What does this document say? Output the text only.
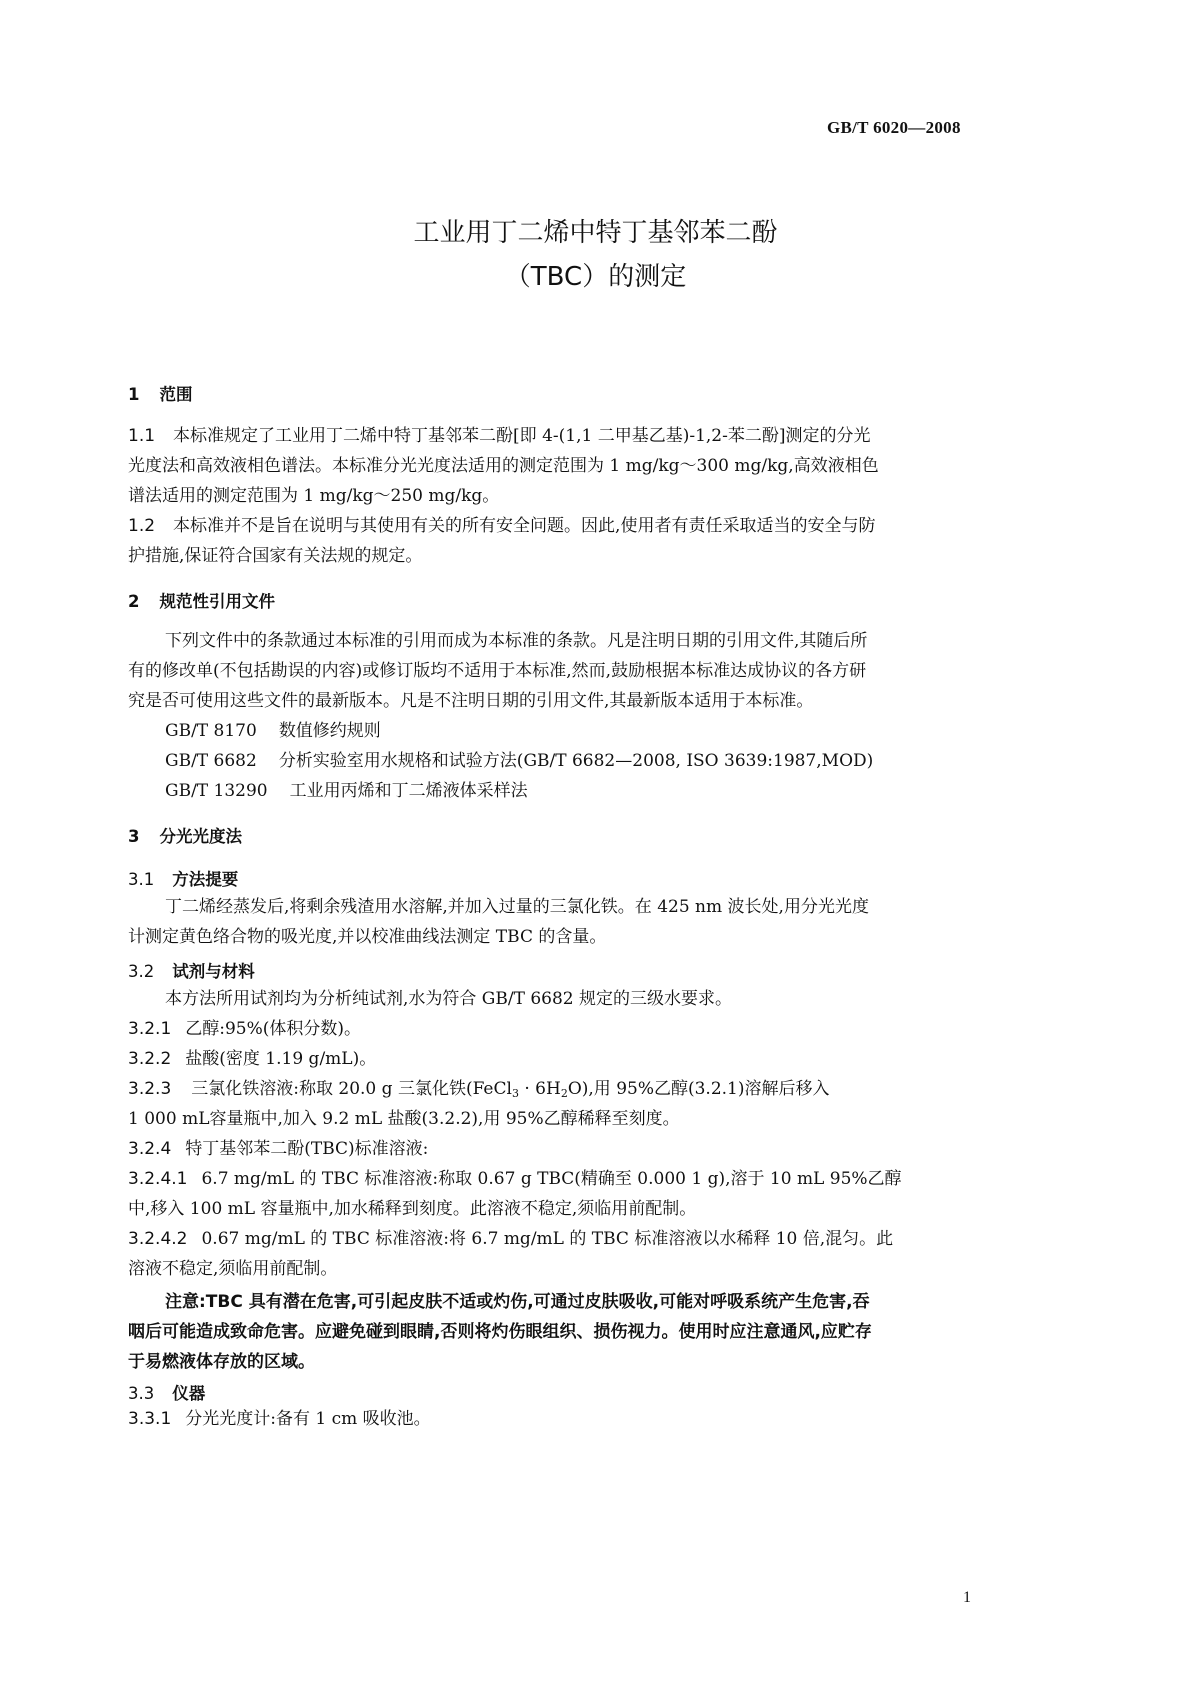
GB/T 6020—2008
工业用丁二烯中特丁基邻苯二酚
（TBC）的测定
1 范围
1.1 本标准规定了工业用丁二烯中特丁基邻苯二酚[即 4-(1,1 二甲基乙基)-1,2-苯二酚]测定的分光
光度法和高效液相色谱法。本标准分光光度法适用的测定范围为 1 mg/kg～300 mg/kg,高效液相色
谱法适用的测定范围为 1 mg/kg～250 mg/kg。
1.2 本标准并不是旨在说明与其使用有关的所有安全问题。因此,使用者有责任采取适当的安全与防
护措施,保证符合国家有关法规的规定。
2 规范性引用文件
下列文件中的条款通过本标准的引用而成为本标准的条款。凡是注明日期的引用文件,其随后所
有的修改单(不包括勘误的内容)或修订版均不适用于本标准,然而,鼓励根据本标准达成协议的各方研
究是否可使用这些文件的最新版本。凡是不注明日期的引用文件,其最新版本适用于本标准。
GB/T 8170 数值修约规则
GB/T 6682 分析实验室用水规格和试验方法(GB/T 6682—2008, ISO 3639:1987,MOD)
GB/T 13290 工业用丙烯和丁二烯液体采样法
3 分光光度法
3.1 方法提要
丁二烯经蒸发后,将剩余残渣用水溶解,并加入过量的三氯化铁。在 425 nm 波长处,用分光光度
计测定黄色络合物的吸光度,并以校准曲线法测定 TBC 的含量。
3.2 试剂与材料
本方法所用试剂均为分析纯试剂,水为符合 GB/T 6682 规定的三级水要求。
3.2.1 乙醇:95%(体积分数)。
3.2.2 盐酸(密度 1.19 g/mL)。
3.2.3 三氯化铁溶液:称取 20.0 g 三氯化铁(FeCl$_3$ · $6H_2O$),用 95%乙醇(3.2.1)溶解后移入
1 000 mL容量瓶中,加入 9.2 mL 盐酸(3.2.2),用 95%乙醇稀释至刻度。
3.2.4 特丁基邻苯二酚(TBC)标准溶液:
3.2.4.1 6.7 mg/mL 的 TBC 标准溶液:称取 0.67 g TBC(精确至 0.000 1 g),溶于 10 mL 95%乙醇
中,移入 100 mL 容量瓶中,加水稀释到刻度。此溶液不稳定,须临用前配制。
3.2.4.2 0.67 mg/mL 的 TBC 标准溶液:将 6.7 mg/mL 的 TBC 标准溶液以水稀释 10 倍,混匀。此
溶液不稳定,须临用前配制。
注意:TBC 具有潜在危害,可引起皮肤不适或灼伤,可通过皮肤吸收,可能对呼吸系统产生危害,吞
咽后可能造成致命危害。应避免碰到眼睛,否则将灼伤眼组织、损伤视力。使用时应注意通风,应贮存
于易燃液体存放的区域。
3.3 仪器
3.3.1 分光光度计:备有 1 cm 吸收池。
1
